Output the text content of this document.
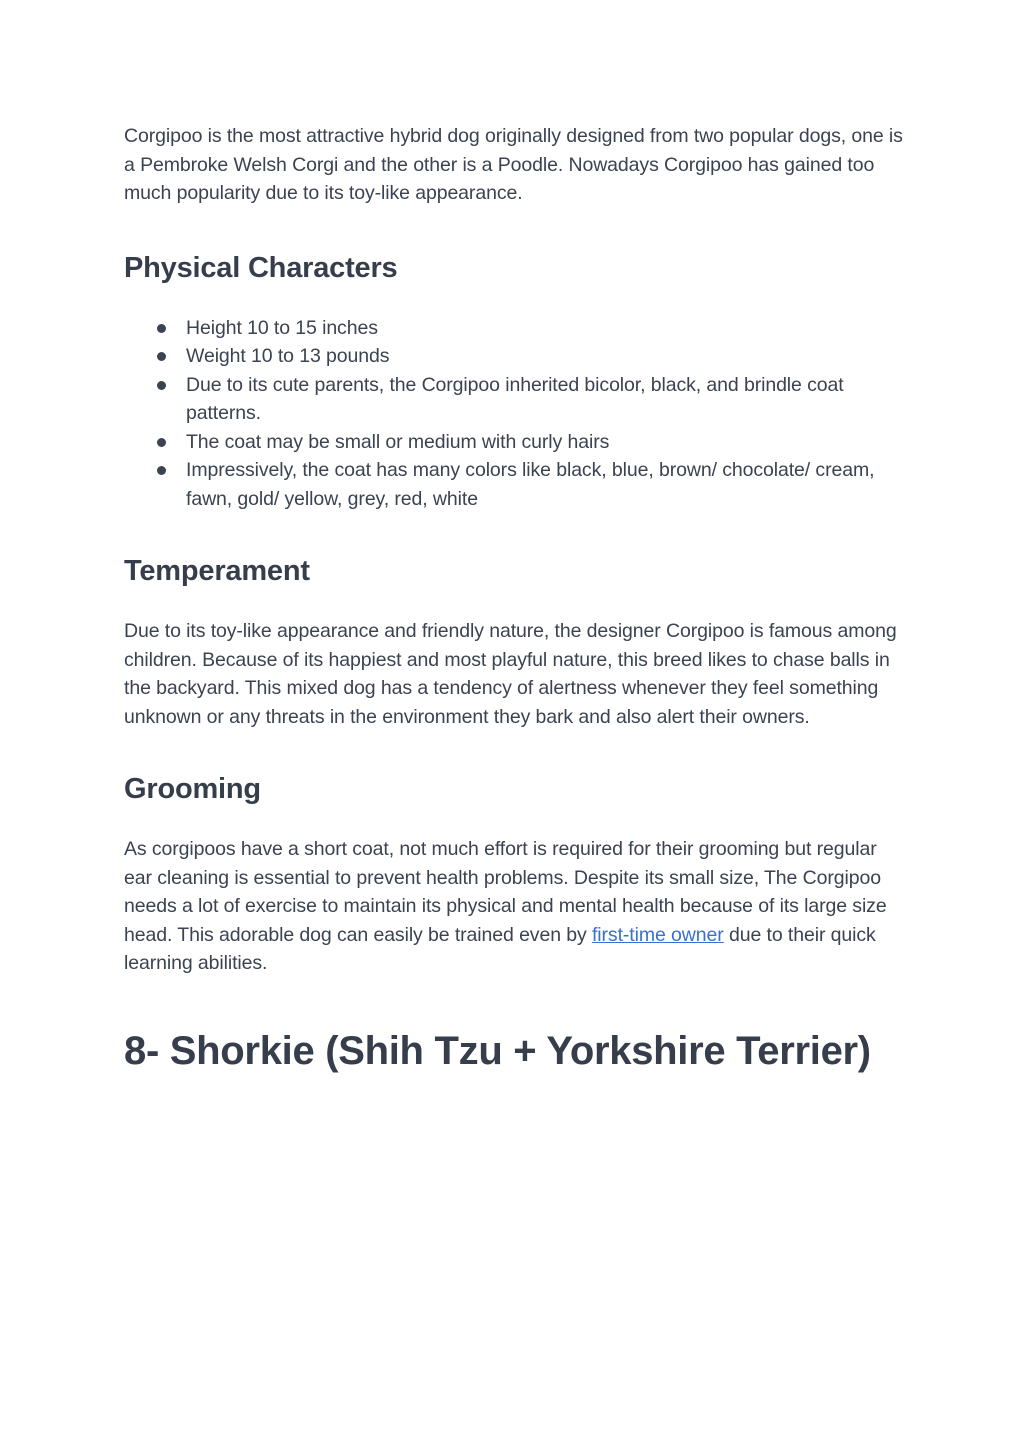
Corgipoo is the most attractive hybrid dog originally designed from two popular dogs, one is a Pembroke Welsh Corgi and the other is a Poodle. Nowadays Corgipoo has gained too much popularity due to its toy-like appearance.

Physical Characters
Height 10 to 15 inches
Weight 10 to 13 pounds
Due to its cute parents, the Corgipoo inherited bicolor, black, and brindle coat patterns.
The coat may be small or medium with curly hairs
Impressively, the coat has many colors like black, blue, brown/ chocolate/ cream, fawn, gold/ yellow, grey, red, white
Temperament

Due to its toy-like appearance and friendly nature, the designer Corgipoo is famous among children. Because of its happiest and most playful nature, this breed likes to chase balls in the backyard. This mixed dog has a tendency of alertness whenever they feel something unknown or any threats in the environment they bark and also alert their owners.

Grooming

As corgipoos have a short coat, not much effort is required for their grooming but regular ear cleaning is essential to prevent health problems. Despite its small size, The Corgipoo needs a lot of exercise to maintain its physical and mental health because of its large size head. This adorable dog can easily be trained even by first-time owner due to their quick learning abilities.

8- Shorkie (Shih Tzu + Yorkshire Terrier)
